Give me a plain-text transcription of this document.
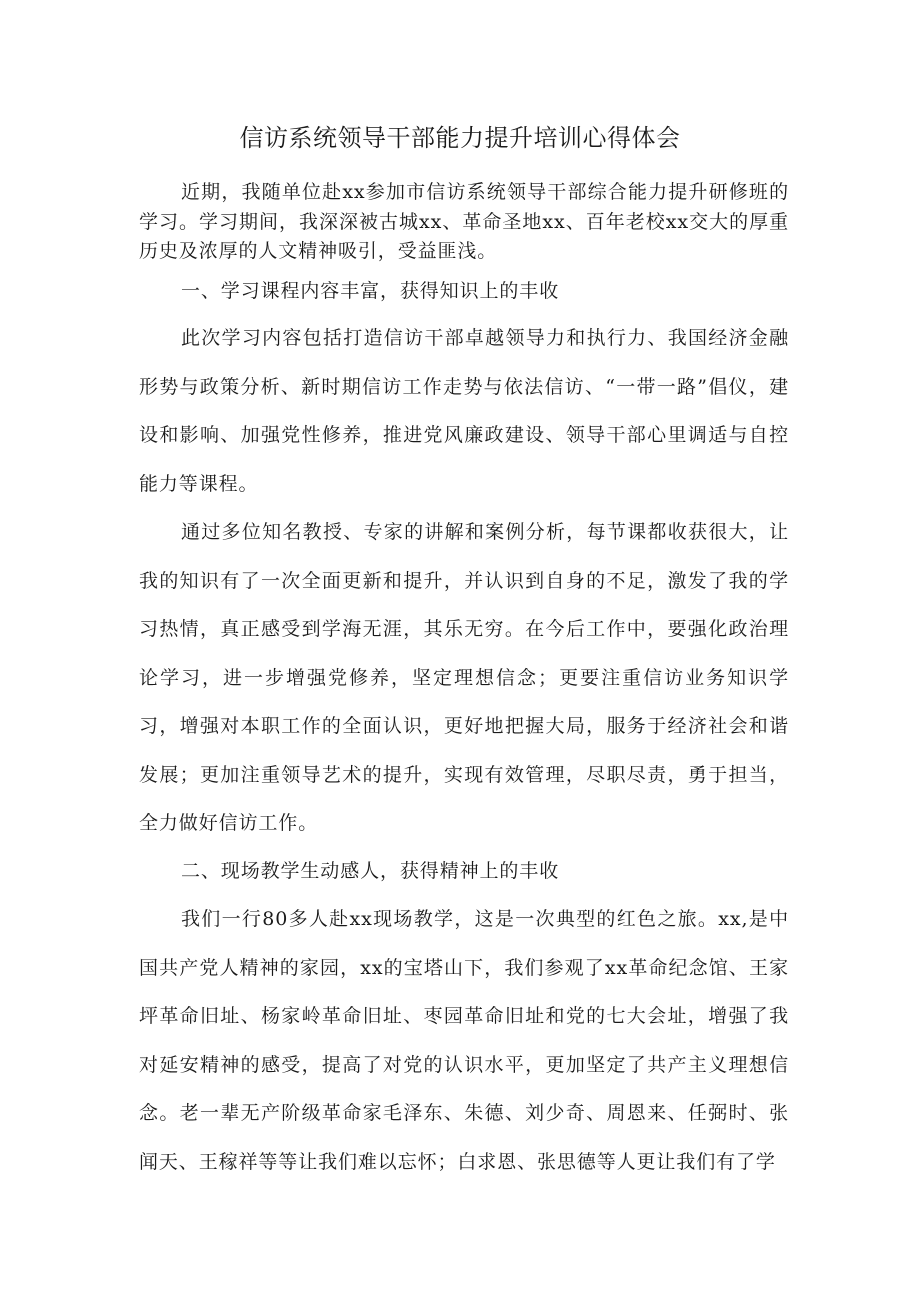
信访系统领导干部能力提升培训心得体会

近期，我随单位赴xx参加市信访系统领导干部综合能力提升研修班的学习。学习期间，我深深被古城xx、革命圣地xx、百年老校xx交大的厚重历史及浓厚的人文精神吸引，受益匪浅。

一、学习课程内容丰富，获得知识上的丰收

此次学习内容包括打造信访干部卓越领导力和执行力、我国经济金融形势与政策分析、新时期信访工作走势与依法信访、“一带一路”倡仪，建设和影响、加强党性修养，推进党风廉政建设、领导干部心里调适与自控能力等课程。

通过多位知名教授、专家的讲解和案例分析，每节课都收获很大，让我的知识有了一次全面更新和提升，并认识到自身的不足，激发了我的学习热情，真正感受到学海无涯，其乐无穷。在今后工作中，要强化政治理论学习，进一步增强党修养，坚定理想信念；更要注重信访业务知识学习，增强对本职工作的全面认识，更好地把握大局，服务于经济社会和谐发展；更加注重领导艺术的提升，实现有效管理，尽职尽责，勇于担当，全力做好信访工作。

二、现场教学生动感人，获得精神上的丰收

我们一行80多人赴xx现场教学，这是一次典型的红色之旅。xx,是中国共产党人精神的家园，xx的宝塔山下，我们参观了xx革命纪念馆、王家坪革命旧址、杨家岭革命旧址、枣园革命旧址和党的七大会址，增强了我对延安精神的感受，提高了对党的认识水平，更加坚定了共产主义理想信念。老一辈无产阶级革命家毛泽东、朱德、刘少奇、周恩来、任弼时、张闻天、王稼祥等等让我们难以忘怀；白求恩、张思德等人更让我们有了学
